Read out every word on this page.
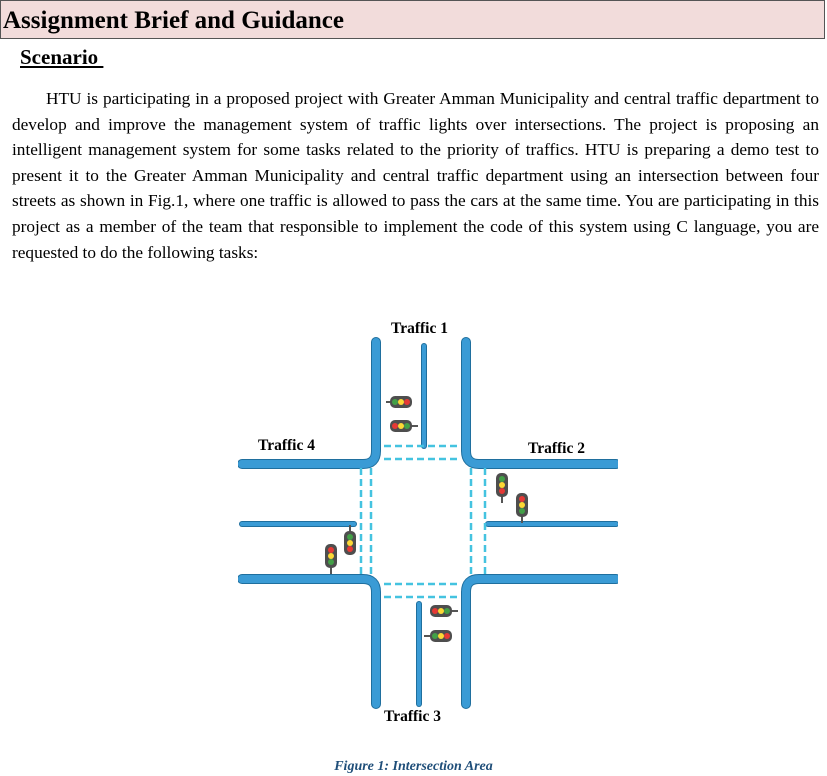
Assignment Brief and Guidance
Scenario

HTU is participating in a proposed project with Greater Amman Municipality and central traffic department to develop and improve the management system of traffic lights over intersections. The project is proposing an intelligent management system for some tasks related to the priority of traffics. HTU is preparing a demo test to present it to the Greater Amman Municipality and central traffic department using an intersection between four streets as shown in Fig.1, where one traffic is allowed to pass the cars at the same time. You are participating in this project as a member of the team that responsible to implement the code of this system using C language, you are requested to do the following tasks:

Traffic 1
Traffic 2
Traffic 3
Traffic 4
Figure 1: Intersection Area
